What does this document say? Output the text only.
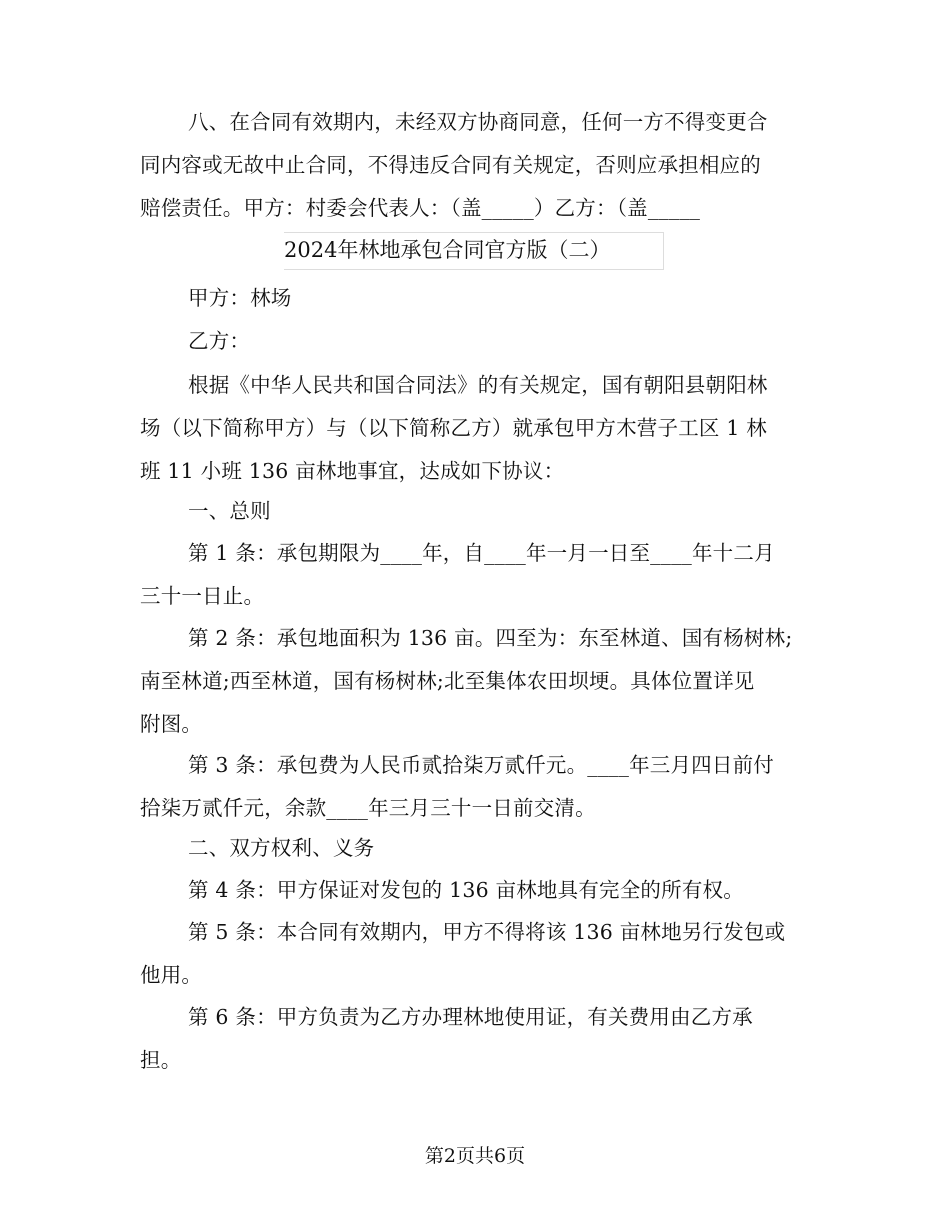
八、在合同有效期内，未经双方协商同意，任何一方不得变更合
同内容或无故中止合同，不得违反合同有关规定，否则应承担相应的
赔偿责任。甲方：村委会代表人：（盖_____）乙方：（盖_____
2024年林地承包合同官方版（二）
甲方：林场
乙方：
根据《中华人民共和国合同法》的有关规定，国有朝阳县朝阳林
场（以下简称甲方）与（以下简称乙方）就承包甲方木营子工区 1 林
班 11 小班 136 亩林地事宜，达成如下协议：
一、总则
第 1 条：承包期限为____年，自____年一月一日至____年十二月
三十一日止。
第 2 条：承包地面积为 136 亩。四至为：东至林道、国有杨树林;
南至林道;西至林道，国有杨树林;北至集体农田坝埂。具体位置详见
附图。
第 3 条：承包费为人民币贰拾柒万贰仟元。____年三月四日前付
拾柒万贰仟元，余款____年三月三十一日前交清。
二、双方权利、义务
第 4 条：甲方保证对发包的 136 亩林地具有完全的所有权。
第 5 条：本合同有效期内，甲方不得将该 136 亩林地另行发包或
他用。
第 6 条：甲方负责为乙方办理林地使用证，有关费用由乙方承
担。
第2页共6页
